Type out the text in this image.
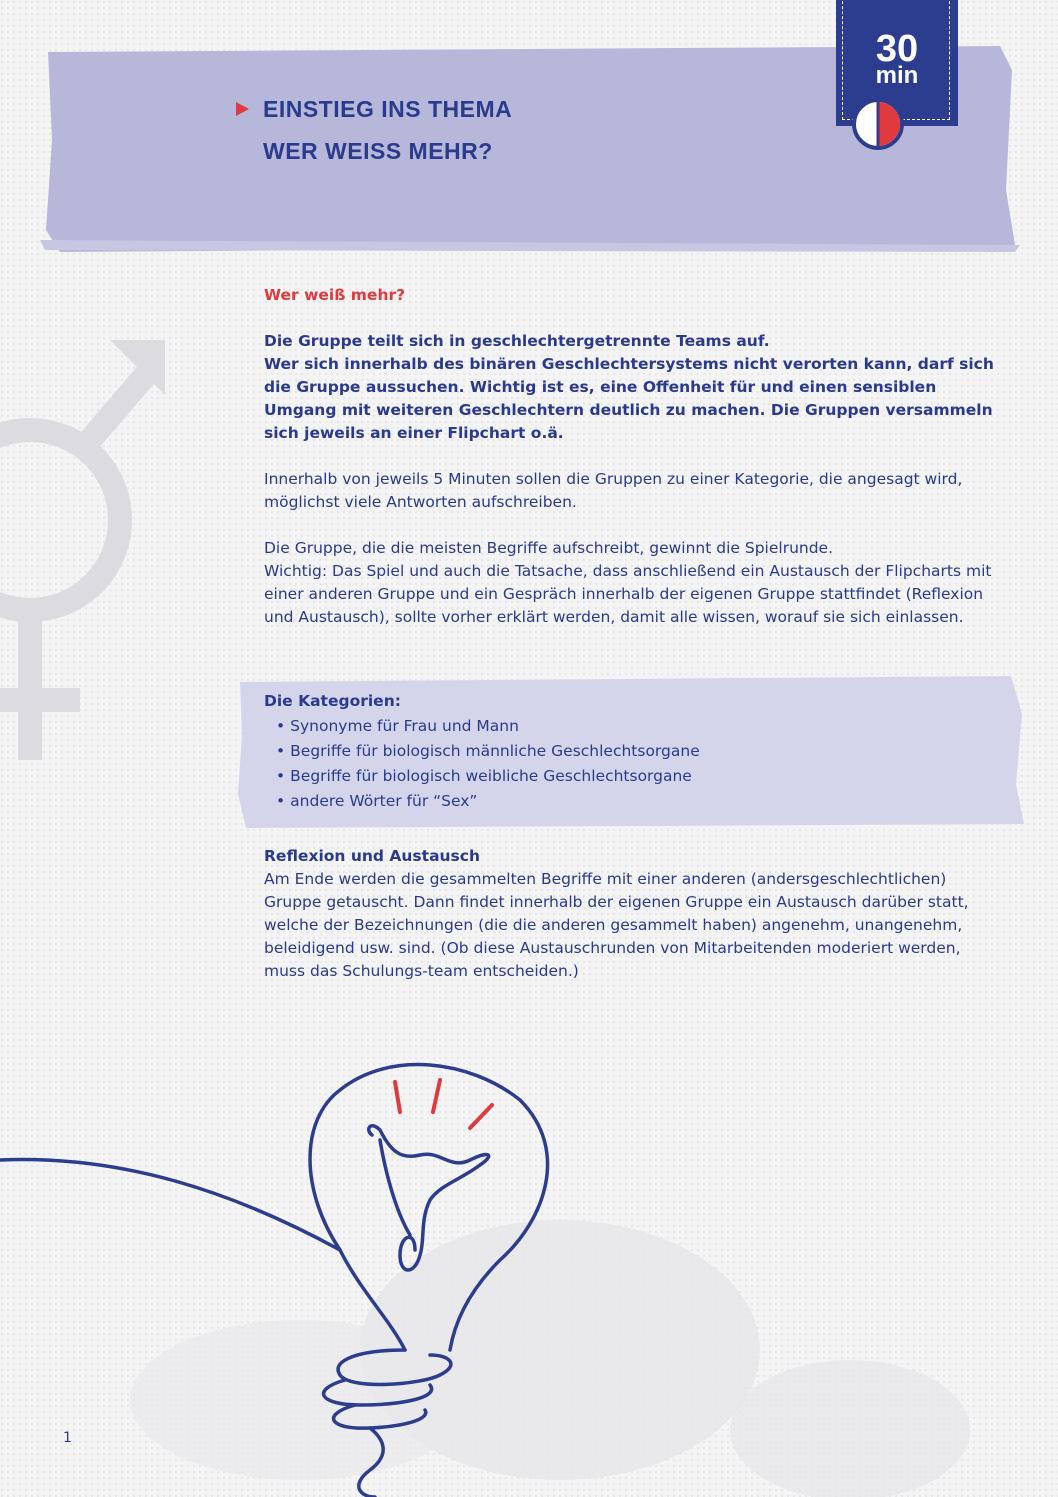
EINSTIEG INS THEMA
WER WEISS MEHR?
30
min

Wer weiß mehr?

Die Gruppe teilt sich in geschlechtergetrennte Teams auf.

Wer sich innerhalb des binären Geschlechtersystems nicht verorten kann, darf sich die Gruppe aussuchen. Wichtig ist es, eine Offenheit für und einen sensiblen Umgang mit weiteren Geschlechtern deutlich zu machen. Die Gruppen versammeln sich jeweils an einer Flipchart o.ä.

Innerhalb von jeweils 5 Minuten sollen die Gruppen zu einer Kategorie, die angesagt wird, möglichst viele Antworten aufschreiben.

Die Gruppe, die die meisten Begriffe aufschreibt, gewinnt die Spielrunde.

Wichtig: Das Spiel und auch die Tatsache, dass anschließend ein Austausch der Flipcharts mit einer anderen Gruppe und ein Gespräch innerhalb der eigenen Gruppe stattfindet (Reflexion und Austausch), sollte vorher erklärt werden, damit alle wissen, worauf sie sich einlassen.

Die Kategorien:
• Synonyme für Frau und Mann
• Begriffe für biologisch männliche Geschlechtsorgane
• Begriffe für biologisch weibliche Geschlechtsorgane
• andere Wörter für “Sex”

Reflexion und Austausch

Am Ende werden die gesammelten Begriffe mit einer anderen (andersgeschlechtlichen) Gruppe getauscht. Dann findet innerhalb der eigenen Gruppe ein Austausch darüber statt, welche der Bezeichnungen (die die anderen gesammelt haben) angenehm, unangenehm, beleidigend usw. sind. (Ob diese Austauschrunden von Mitarbeitenden moderiert werden, muss das Schulungs-team entscheiden.)

1
